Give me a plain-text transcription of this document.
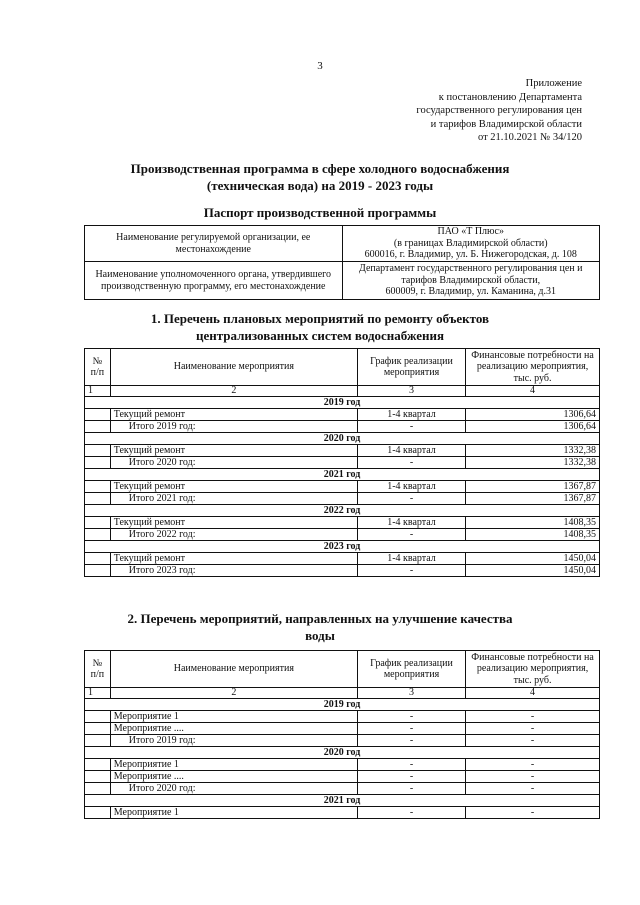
3
Приложение
к постановлению Департамента
государственного регулирования цен
и тарифов Владимирской области
от 21.10.2021 № 34/120
Производственная программа в сфере холодного водоснабжения
(техническая вода) на 2019 - 2023 годы
Паспорт производственной программы
Наименование регулируемой организации, ее местонахождение	ПАО «Т Плюс»
(в границах Владимирской области)
600016, г. Владимир, ул. Б. Нижегородская, д. 108

Наименование уполномоченного органа, утвердившего производственную программу, его местонахождение	Департамент государственного регулирования цен и
тарифов Владимирской области,
600009, г. Владимир, ул. Каманина, д.31
1. Перечень плановых мероприятий по ремонту объектов
централизованных систем водоснабжения
№ п/п	Наименование мероприятия	График реализации мероприятия	Финансовые потребности на реализацию мероприятия, тыс. руб.
1	2	3	4
2019 год			
	Текущий ремонт	1-4 квартал	1306,64
	Итого 2019 год:	-	1306,64
2020 год			
	Текущий ремонт	1-4 квартал	1332,38
	Итого 2020 год:	-	1332,38
2021 год			
	Текущий ремонт	1-4 квартал	1367,87
	Итого 2021 год:	-	1367,87
2022 год			
	Текущий ремонт	1-4 квартал	1408,35
	Итого 2022 год:	-	1408,35
2023 год			
	Текущий ремонт	1-4 квартал	1450,04
	Итого 2023 год:	-	1450,04
2. Перечень мероприятий, направленных на улучшение качества
воды
№ п/п	Наименование мероприятия	График реализации мероприятия	Финансовые потребности на реализацию мероприятия, тыс. руб.
1	2	3	4
2019 год			
	Мероприятие 1	-	-
	Мероприятие ....	-	-
	Итого 2019 год:	-	-
2020 год			
	Мероприятие 1	-	-
	Мероприятие ....	-	-
	Итого 2020 год:	-	-
2021 год			
	Мероприятие 1	-	-
